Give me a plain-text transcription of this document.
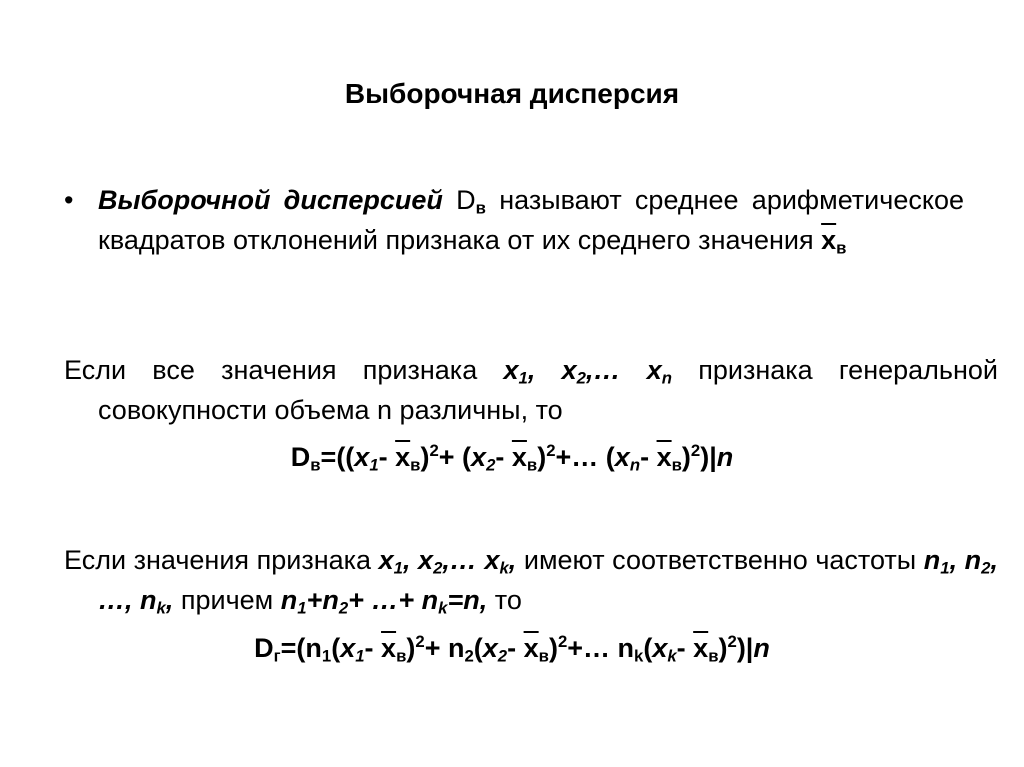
Выборочная дисперсия
• Выборочной дисперсией $D_в$ называют среднее арифметическое квадратов отклонений признака от их среднего значения $\overline{x}_в$
Если все значения признака $x_1$, $x_2,\dots$ $x_n$ признака генеральной совокупности объема n различны, то
$D_в=((x_1-$ $\overline{x}_в)^2+ (x_2-$ $\overline{x}_в)^2+\dots$ ($x_n-$ $\overline{x}_в)^2)|n$
Если значения признака $x_1$, $x_2,\dots$ $x_k$, имеют соответственно частоты $n_1$, $n_2$, …, $n_k$, причем $n_1+n_2+$ …+ $n_k=n$, то
$D_г=(n_1(x_1-$ $\overline{x}_в)^2+ n_2(x_2-$ $\overline{x}_в)^2+\dots$ $n_k(x_k-$ $\overline{x}_в)^2)|n$
